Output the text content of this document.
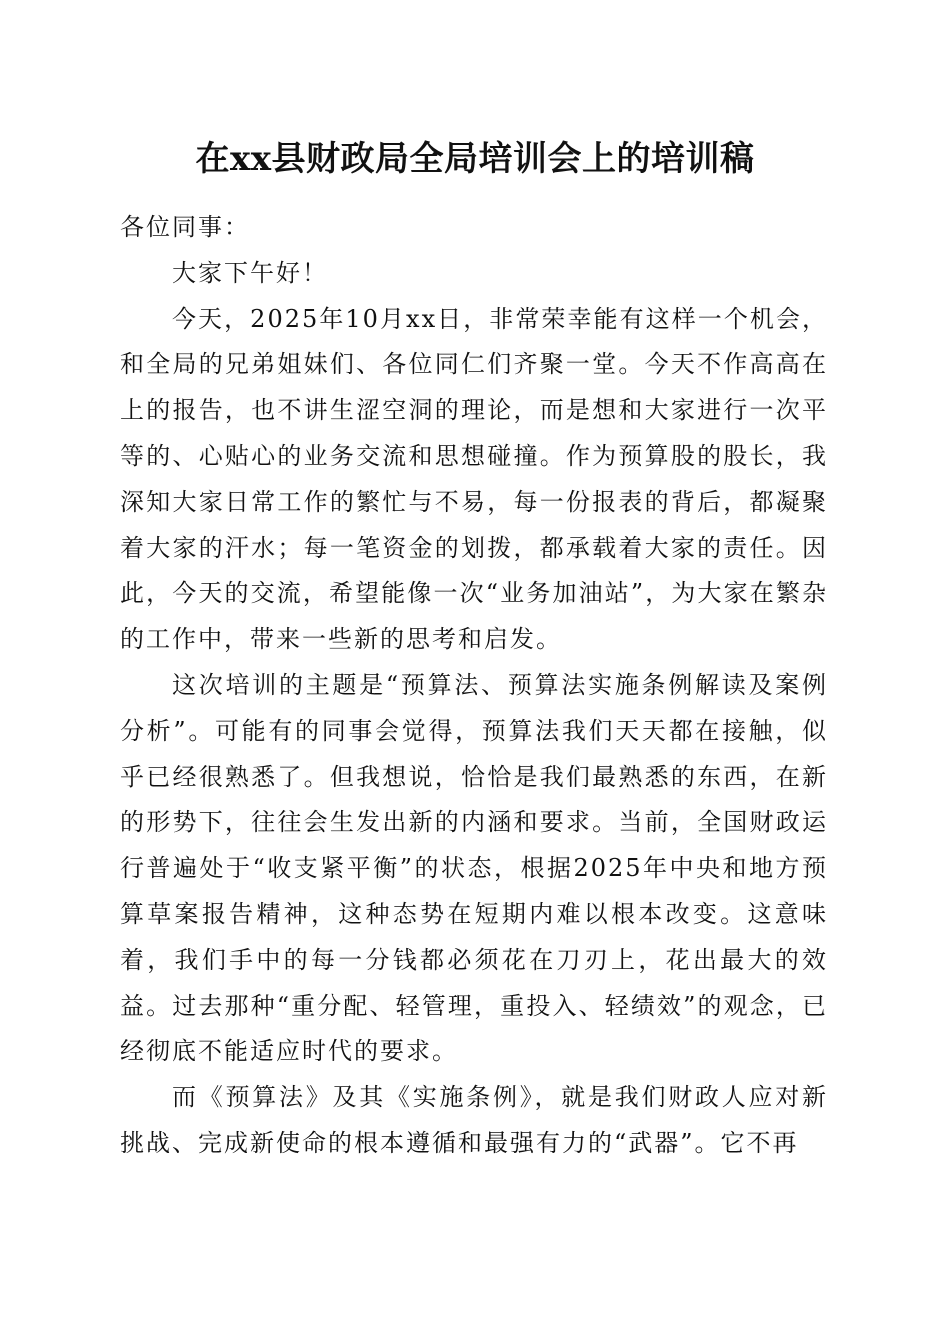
在xx县财政局全局培训会上的培训稿

各位同事：

大家下午好！

今天，2025年10月xx日，非常荣幸能有这样一个机会，和全局的兄弟姐妹们、各位同仁们齐聚一堂。今天不作高高在上的报告，也不讲生涩空洞的理论，而是想和大家进行一次平等的、心贴心的业务交流和思想碰撞。作为预算股的股长，我深知大家日常工作的繁忙与不易，每一份报表的背后，都凝聚着大家的汗水；每一笔资金的划拨，都承载着大家的责任。因此，今天的交流，希望能像一次“业务加油站”，为大家在繁杂的工作中，带来一些新的思考和启发。

这次培训的主题是“预算法、预算法实施条例解读及案例分析”。可能有的同事会觉得，预算法我们天天都在接触，似乎已经很熟悉了。但我想说，恰恰是我们最熟悉的东西，在新的形势下，往往会生发出新的内涵和要求。当前，全国财政运行普遍处于“收支紧平衡”的状态，根据2025年中央和地方预算草案报告精神，这种态势在短期内难以根本改变。这意味着，我们手中的每一分钱都必须花在刀刃上，花出最大的效益。过去那种“重分配、轻管理，重投入、轻绩效”的观念，已经彻底不能适应时代的要求。

而《预算法》及其《实施条例》，就是我们财政人应对新挑战、完成新使命的根本遵循和最强有力的“武器”。它不再
